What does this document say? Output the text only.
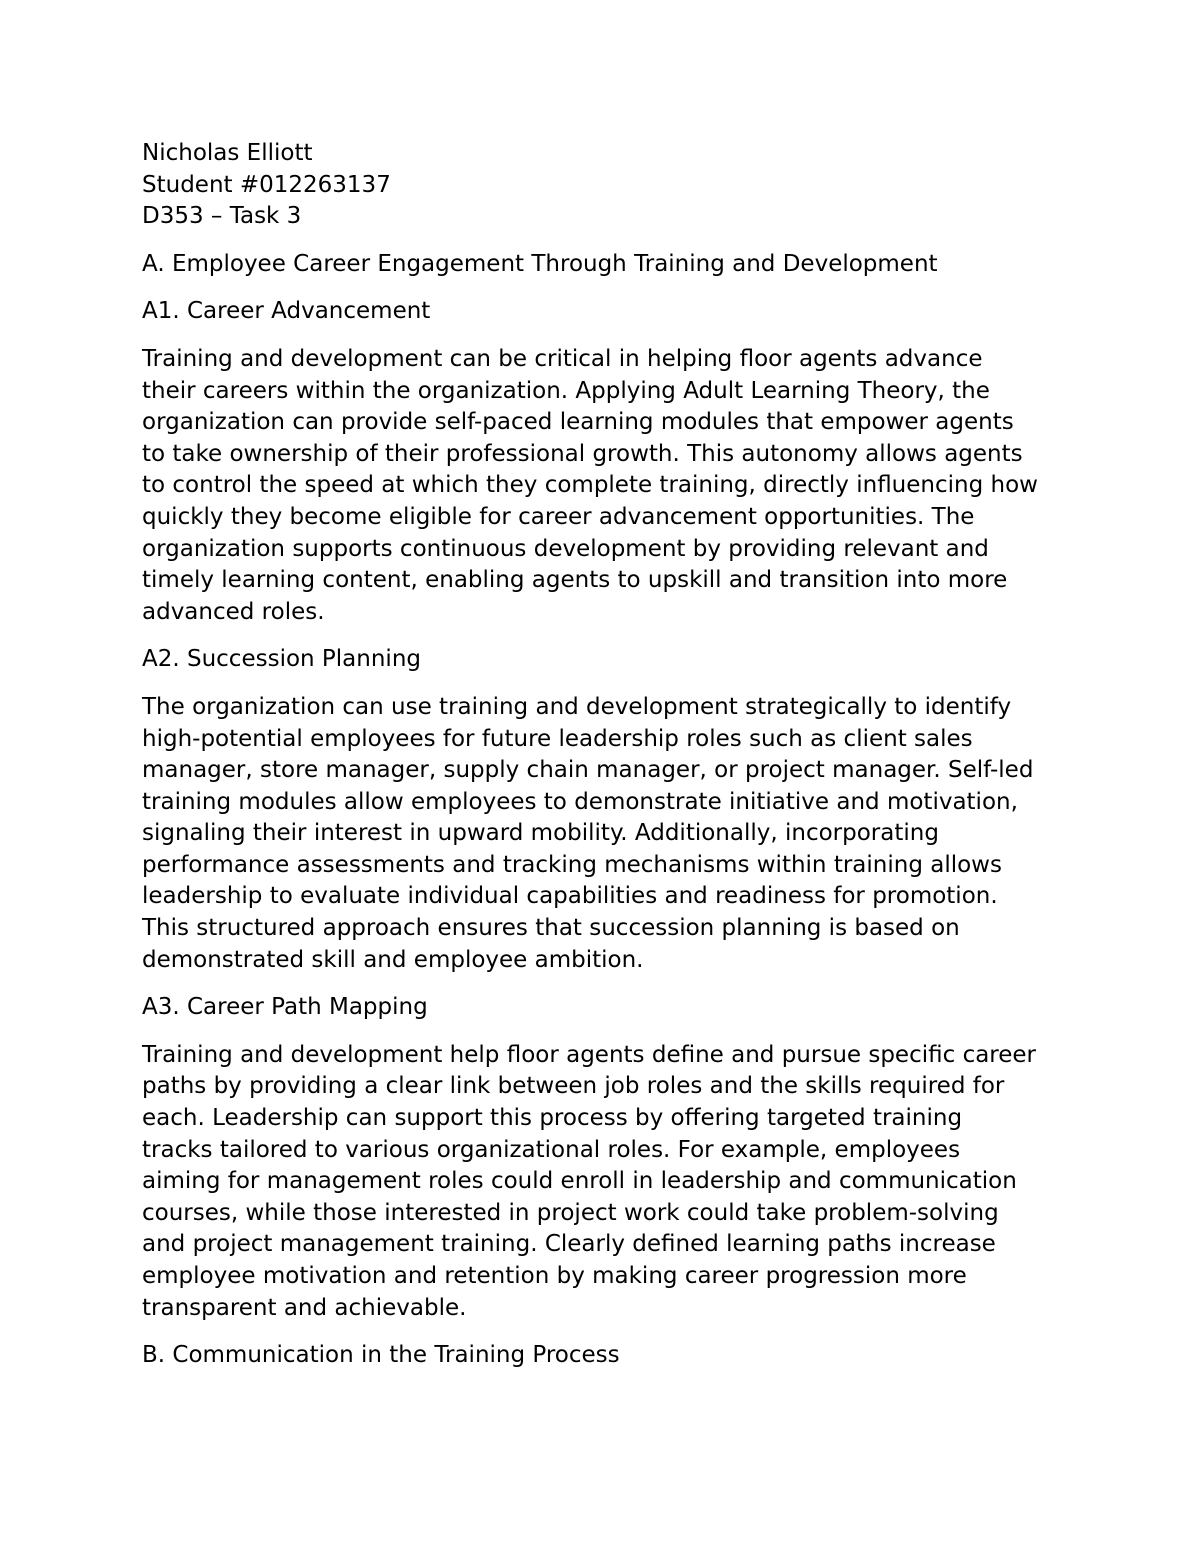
Nicholas Elliott

Student #012263137

D353 – Task 3

A. Employee Career Engagement Through Training and Development

A1. Career Advancement

Training and development can be critical in helping floor agents advance
their careers within the organization. Applying Adult Learning Theory, the
organization can provide self-paced learning modules that empower agents
to take ownership of their professional growth. This autonomy allows agents
to control the speed at which they complete training, directly influencing how
quickly they become eligible for career advancement opportunities. The
organization supports continuous development by providing relevant and
timely learning content, enabling agents to upskill and transition into more
advanced roles.

A2. Succession Planning

The organization can use training and development strategically to identify
high-potential employees for future leadership roles such as client sales
manager, store manager, supply chain manager, or project manager. Self-led
training modules allow employees to demonstrate initiative and motivation,
signaling their interest in upward mobility. Additionally, incorporating
performance assessments and tracking mechanisms within training allows
leadership to evaluate individual capabilities and readiness for promotion.
This structured approach ensures that succession planning is based on
demonstrated skill and employee ambition.

A3. Career Path Mapping

Training and development help floor agents define and pursue specific career
paths by providing a clear link between job roles and the skills required for
each. Leadership can support this process by offering targeted training
tracks tailored to various organizational roles. For example, employees
aiming for management roles could enroll in leadership and communication
courses, while those interested in project work could take problem-solving
and project management training. Clearly defined learning paths increase
employee motivation and retention by making career progression more
transparent and achievable.

B. Communication in the Training Process
